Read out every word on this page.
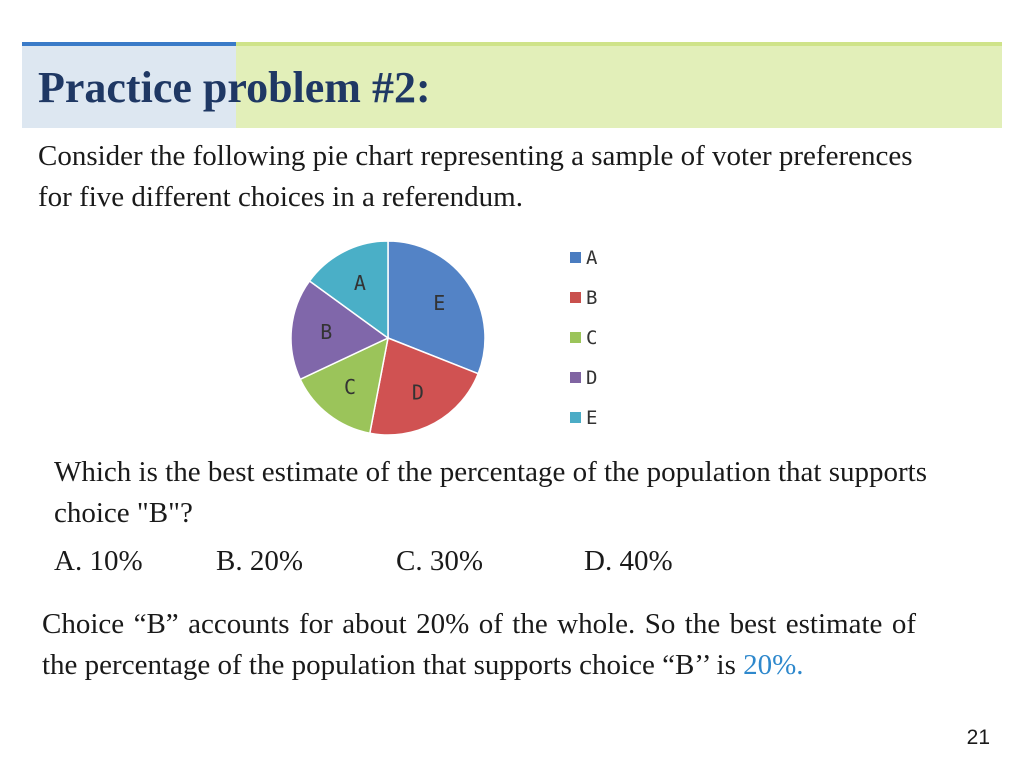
Practice problem #2:

Consider the following pie chart representing a sample of voter preferences for five different choices in a referendum.

E
D
C
B
A
A
B
C
D
E

Which is the best estimate of the percentage of the population that supports choice "B"?

A. 10%	B. 20%	C. 30%	D. 40%

Choice “B” accounts for about 20% of the whole. So the best estimate of the percentage of the population that supports choice “B’’ is 20%.

21
